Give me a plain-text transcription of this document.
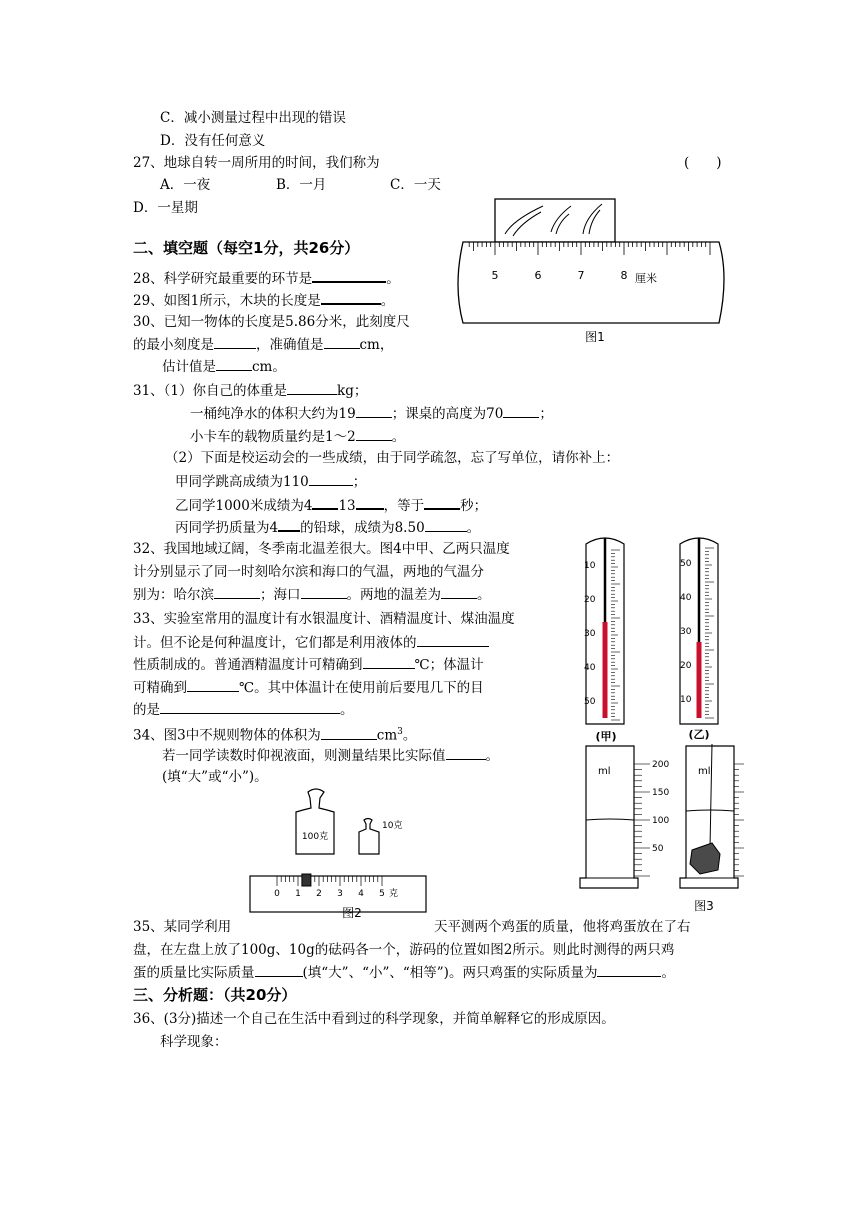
C．减小测量过程中出现的错误
D．没有任何意义
27、地球自转一周所用的时间，我们称为	(　　)
A．一夜	B．一月	C．一天
D．一星期
二、填空题（每空1分，共26分）
28、科学研究最重要的环节是	。
29、如图1所示，木块的长度是	。
30、已知一物体的长度是5.86分米，此刻度尺
的最小刻度是	，准确值是	cm，
估计值是	cm。
31、（1）你自己的体重是	kg；
一桶纯净水的体积大约为19	；课桌的高度为70	；
小卡车的载物质量约是1～2	。
（2）下面是校运动会的一些成绩，由于同学疏忽，忘了写单位，请你补上：
甲同学跳高成绩为110	；
乙同学1000米成绩为4 13 ，等于	秒；
丙同学扔质量为4 的铅球，成绩为8.50	。
32、我国地域辽阔，冬季南北温差很大。图4中甲、乙两只温度
计分别显示了同一时刻哈尔滨和海口的气温，两地的气温分
别为：哈尔滨	；海口	。两地的温差为	。
33、实验室常用的温度计有水银温度计、酒精温度计、煤油温度
计。但不论是何种温度计，它们都是利用液体的
性质制成的。普通酒精温度计可精确到	℃；体温计
可精确到	℃。其中体温计在使用前后要甩几下的目
的是	。
34、图3中不规则物体的体积为	$cm^3$。
若一同学读数时仰视液面，则测量结果比实际值	。
(填“大”或“小”)。
35、某同学利用	天平测两个鸡蛋的质量，他将鸡蛋放在了右
盘，在左盘上放了100g、10g的砝码各一个，游码的位置如图2所示。则此时测得的两只鸡
蛋的质量比实际质量	(填“大”、“小”、“相等”)。两只鸡蛋的实际质量为	。
三、分析题：（共20分）
36、(3分)描述一个自己在生活中看到过的科学现象，并简单解释它的形成原因。
科学现象：
5	6	7	8 厘米
图1
10
20
30
40
50
(甲)
50
40
30
20
10
(乙)
ml
200
150
100
50
ml
图3
100克
10克
0 1 2 3 4 5 克
图2
